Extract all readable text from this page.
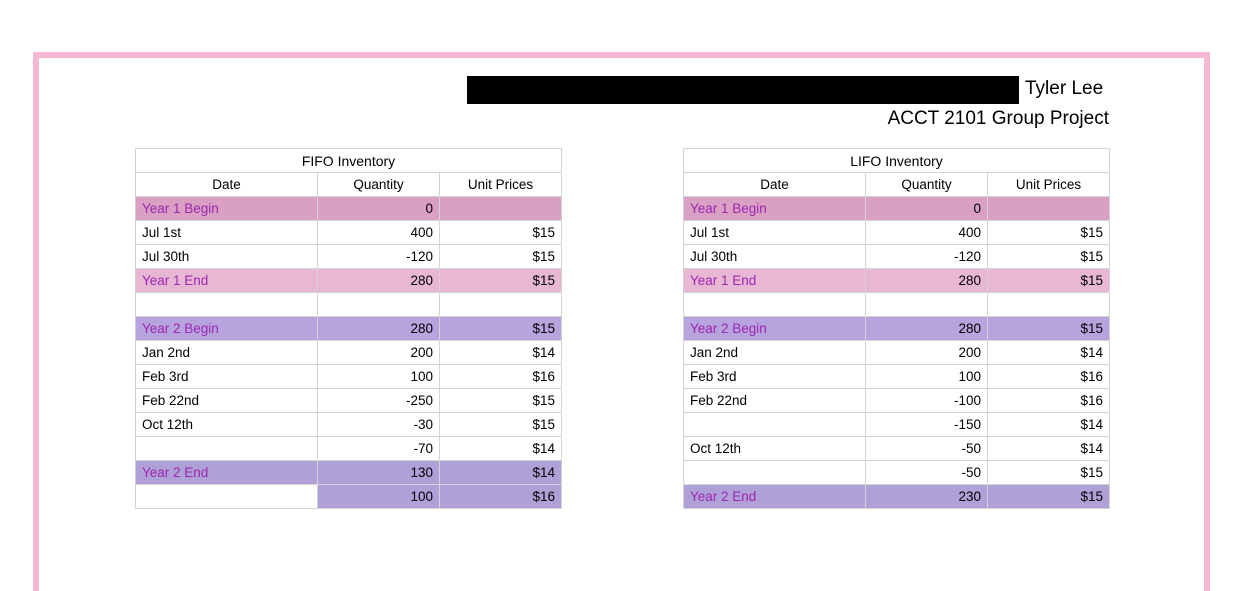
Tyler Lee
ACCT 2101 Group Project
FIFO Inventory				LIFO Inventory		
Date	Quantity	Unit Prices		Date	Quantity	Unit Prices
Year 1 Begin	0			Year 1 Begin	0	
Jul 1st	400	$15		Jul 1st	400	$15
Jul 30th	-120	$15		Jul 30th	-120	$15
Year 1 End	280	$15		Year 1 End	280	$15

Year 2 Begin	280	$15		Year 2 Begin	280	$15
Jan 2nd	200	$14		Jan 2nd	200	$14
Feb 3rd	100	$16		Feb 3rd	100	$16
Feb 22nd	-250	$15		Feb 22nd	-100	$16
Oct 12th	-30	$15			-150	$14
	-70	$14		Oct 12th	-50	$14
Year 2 End	130	$14			-50	$15
	100	$16		Year 2 End	230	$15
